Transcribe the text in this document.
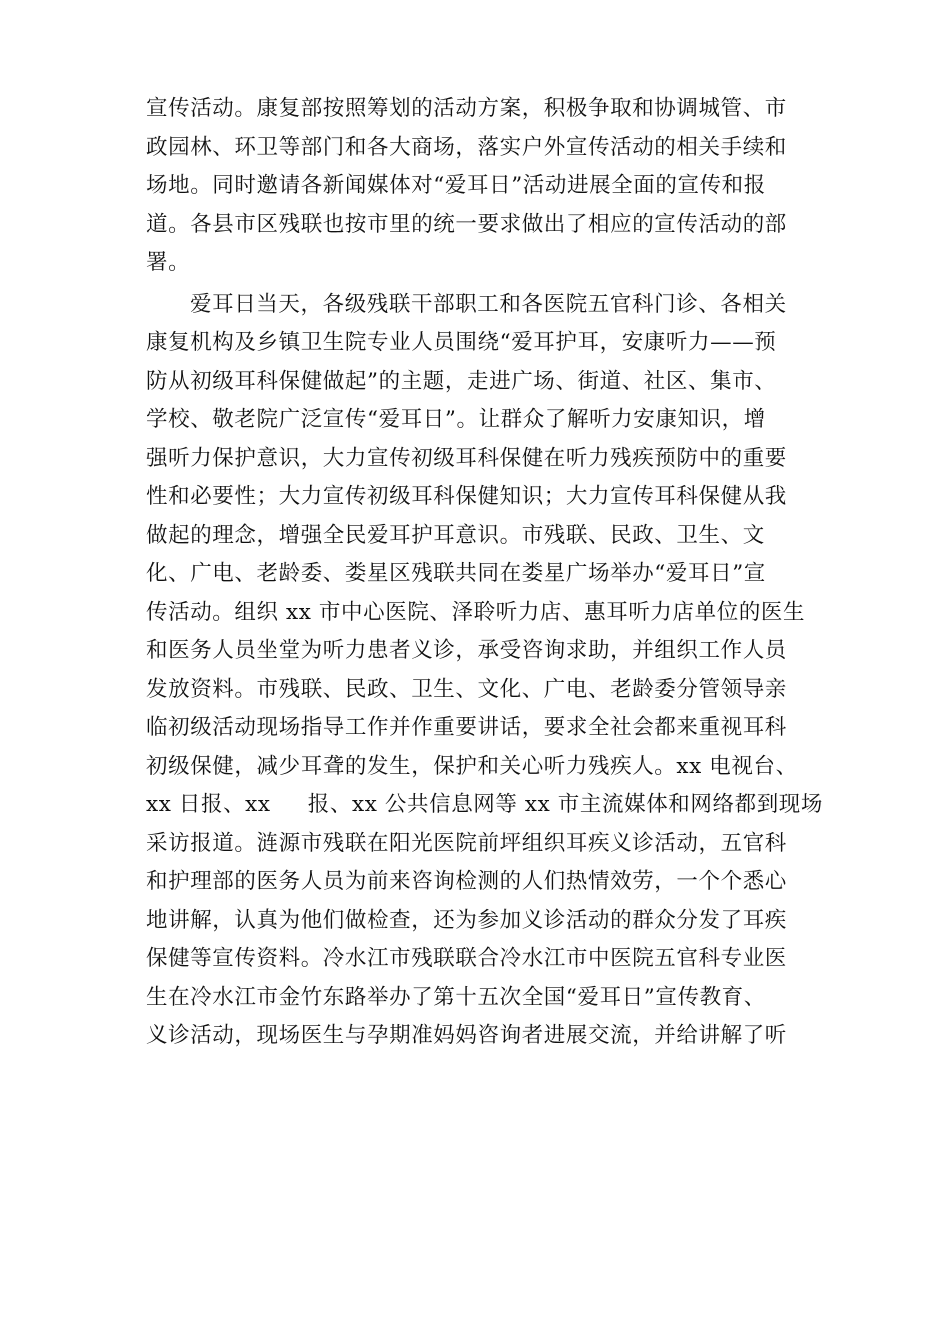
宣传活动。康复部按照筹划的活动方案，积极争取和协调城管、市
政园林、环卫等部门和各大商场，落实户外宣传活动的相关手续和
场地。同时邀请各新闻媒体对“爱耳日”活动进展全面的宣传和报
道。各县市区残联也按市里的统一要求做出了相应的宣传活动的部
署。
爱耳日当天，各级残联干部职工和各医院五官科门诊、各相关
康复机构及乡镇卫生院专业人员围绕“爱耳护耳，安康听力——预
防从初级耳科保健做起”的主题，走进广场、街道、社区、集市、
学校、敬老院广泛宣传“爱耳日”。让群众了解听力安康知识，增
强听力保护意识，大力宣传初级耳科保健在听力残疾预防中的重要
性和必要性；大力宣传初级耳科保健知识；大力宣传耳科保健从我
做起的理念，增强全民爱耳护耳意识。市残联、民政、卫生、文
化、广电、老龄委、娄星区残联共同在娄星广场举办“爱耳日”宣
传活动。组织 xx 市中心医院、泽聆听力店、惠耳听力店单位的医生
和医务人员坐堂为听力患者义诊，承受咨询求助，并组织工作人员
发放资料。市残联、民政、卫生、文化、广电、老龄委分管领导亲
临初级活动现场指导工作并作重要讲话，要求全社会都来重视耳科
初级保健，减少耳聋的发生，保护和关心听力残疾人。xx 电视台、
xx 日报、xx     报、xx 公共信息网等 xx 市主流媒体和网络都到现场
采访报道。涟源市残联在阳光医院前坪组织耳疾义诊活动，五官科
和护理部的医务人员为前来咨询检测的人们热情效劳，一个个悉心
地讲解，认真为他们做检查，还为参加义诊活动的群众分发了耳疾
保健等宣传资料。冷水江市残联联合冷水江市中医院五官科专业医
生在冷水江市金竹东路举办了第十五次全国“爱耳日”宣传教育、
义诊活动，现场医生与孕期准妈妈咨询者进展交流，并给讲解了听
